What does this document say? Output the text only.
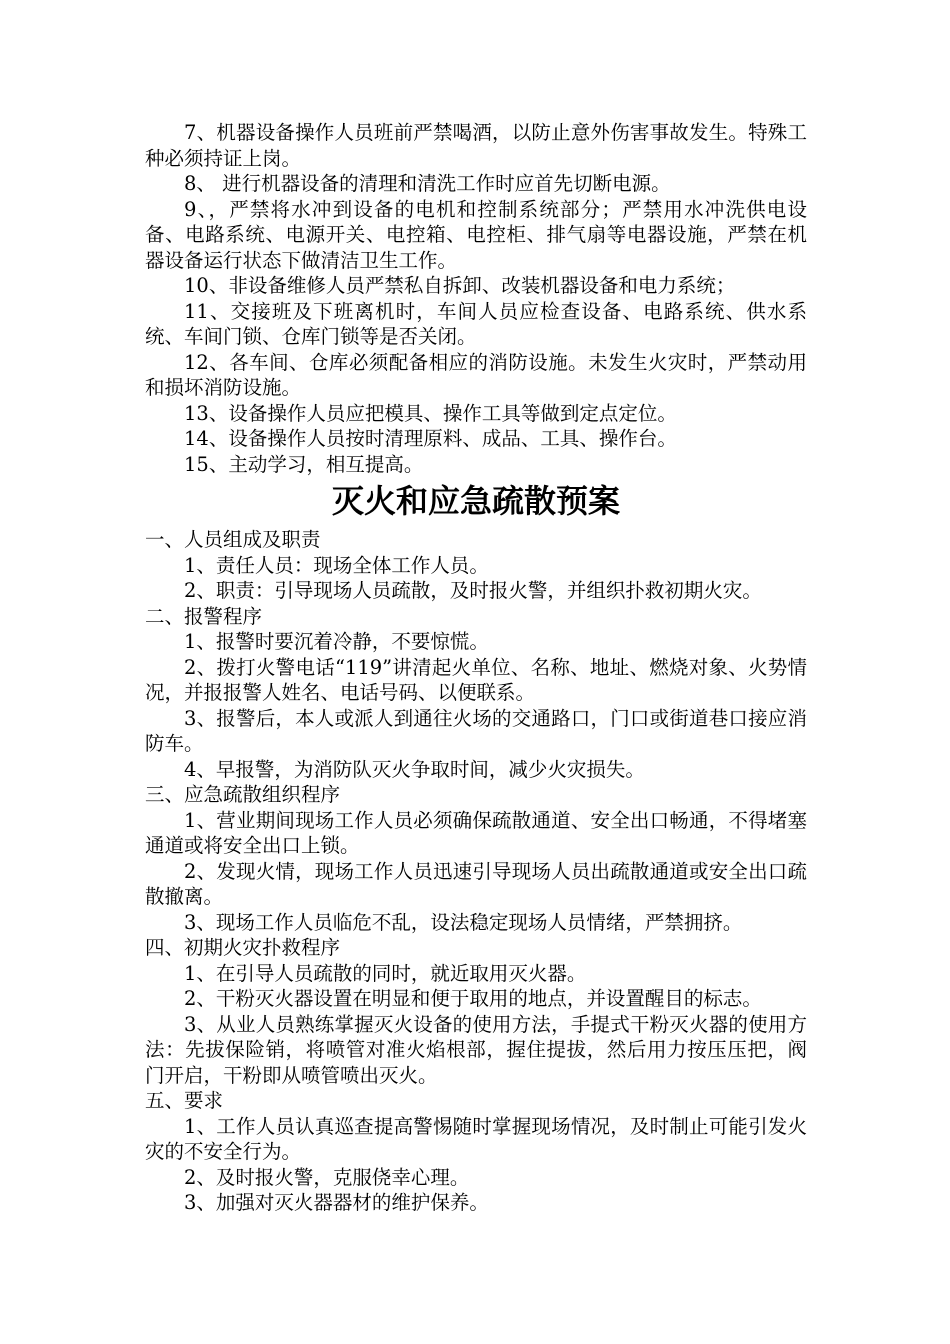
7、机器设备操作人员班前严禁喝酒，以防止意外伤害事故发生。特殊工种必须持证上岗。

8、 进行机器设备的清理和清洗工作时应首先切断电源。

9、，严禁将水冲到设备的电机和控制系统部分；严禁用水冲洗供电设备、电路系统、电源开关、电控箱、电控柜、排气扇等电器设施，严禁在机器设备运行状态下做清洁卫生工作。

10、非设备维修人员严禁私自拆卸、改装机器设备和电力系统；

11、交接班及下班离机时，车间人员应检查设备、电路系统、供水系统、车间门锁、仓库门锁等是否关闭。

12、各车间、仓库必须配备相应的消防设施。未发生火灾时，严禁动用和损坏消防设施。

13、设备操作人员应把模具、操作工具等做到定点定位。

14、设备操作人员按时清理原料、成品、工具、操作台。

15、主动学习，相互提高。

灭火和应急疏散预案

一、人员组成及职责

1、责任人员：现场全体工作人员。

2、职责：引导现场人员疏散，及时报火警，并组织扑救初期火灾。

二、报警程序

1、报警时要沉着冷静，不要惊慌。

2、拨打火警电话“119”讲清起火单位、名称、地址、燃烧对象、火势情况，并报报警人姓名、电话号码、以便联系。

3、报警后，本人或派人到通往火场的交通路口，门口或街道巷口接应消防车。

4、早报警，为消防队灭火争取时间，减少火灾损失。

三、应急疏散组织程序

1、营业期间现场工作人员必须确保疏散通道、安全出口畅通，不得堵塞通道或将安全出口上锁。

2、发现火情，现场工作人员迅速引导现场人员出疏散通道或安全出口疏散撤离。

3、现场工作人员临危不乱，设法稳定现场人员情绪，严禁拥挤。

四、初期火灾扑救程序

1、在引导人员疏散的同时，就近取用灭火器。

2、干粉灭火器设置在明显和便于取用的地点，并设置醒目的标志。

3、从业人员熟练掌握灭火设备的使用方法，手提式干粉灭火器的使用方法：先拔保险销，将喷管对准火焰根部，握住提拔，然后用力按压压把，阀门开启，干粉即从喷管喷出灭火。

五、要求

1、工作人员认真巡查提高警惕随时掌握现场情况，及时制止可能引发火灾的不安全行为。

2、及时报火警，克服侥幸心理。

3、加强对灭火器器材的维护保养。
